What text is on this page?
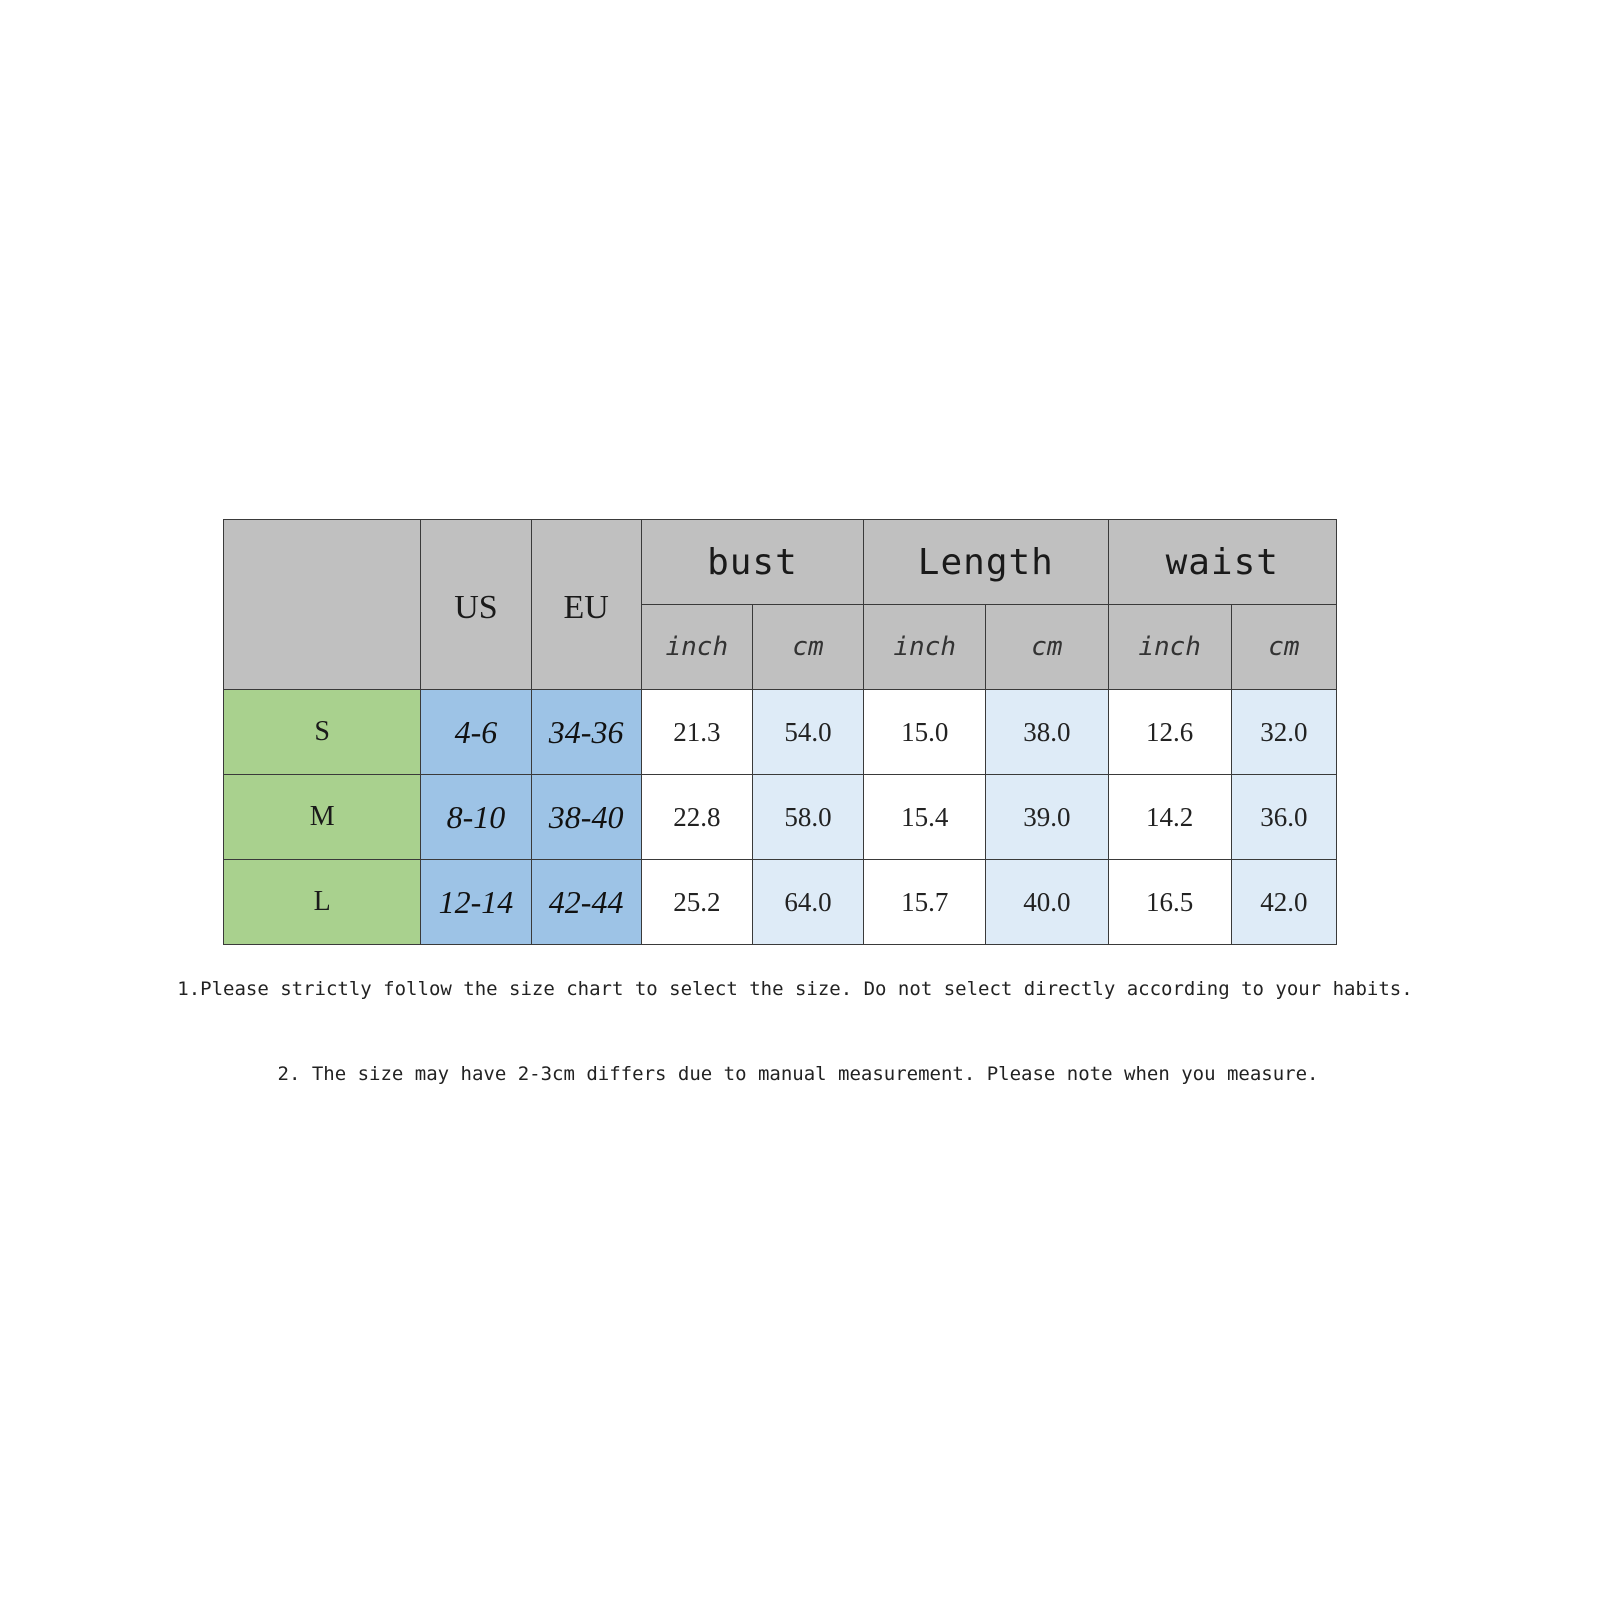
	US	EU	bust		Length		waist	
			inch	cm	inch	cm	inch	cm
S	4-6	34-36	21.3	54.0	15.0	38.0	12.6	32.0
M	8-10	38-40	22.8	58.0	15.4	39.0	14.2	36.0
L	12-14	42-44	25.2	64.0	15.7	40.0	16.5	42.0
1.Please strictly follow the size chart to select the size. Do not select directly according to your habits.
2. The size may have 2-3cm differs due to manual measurement. Please note when you measure.
